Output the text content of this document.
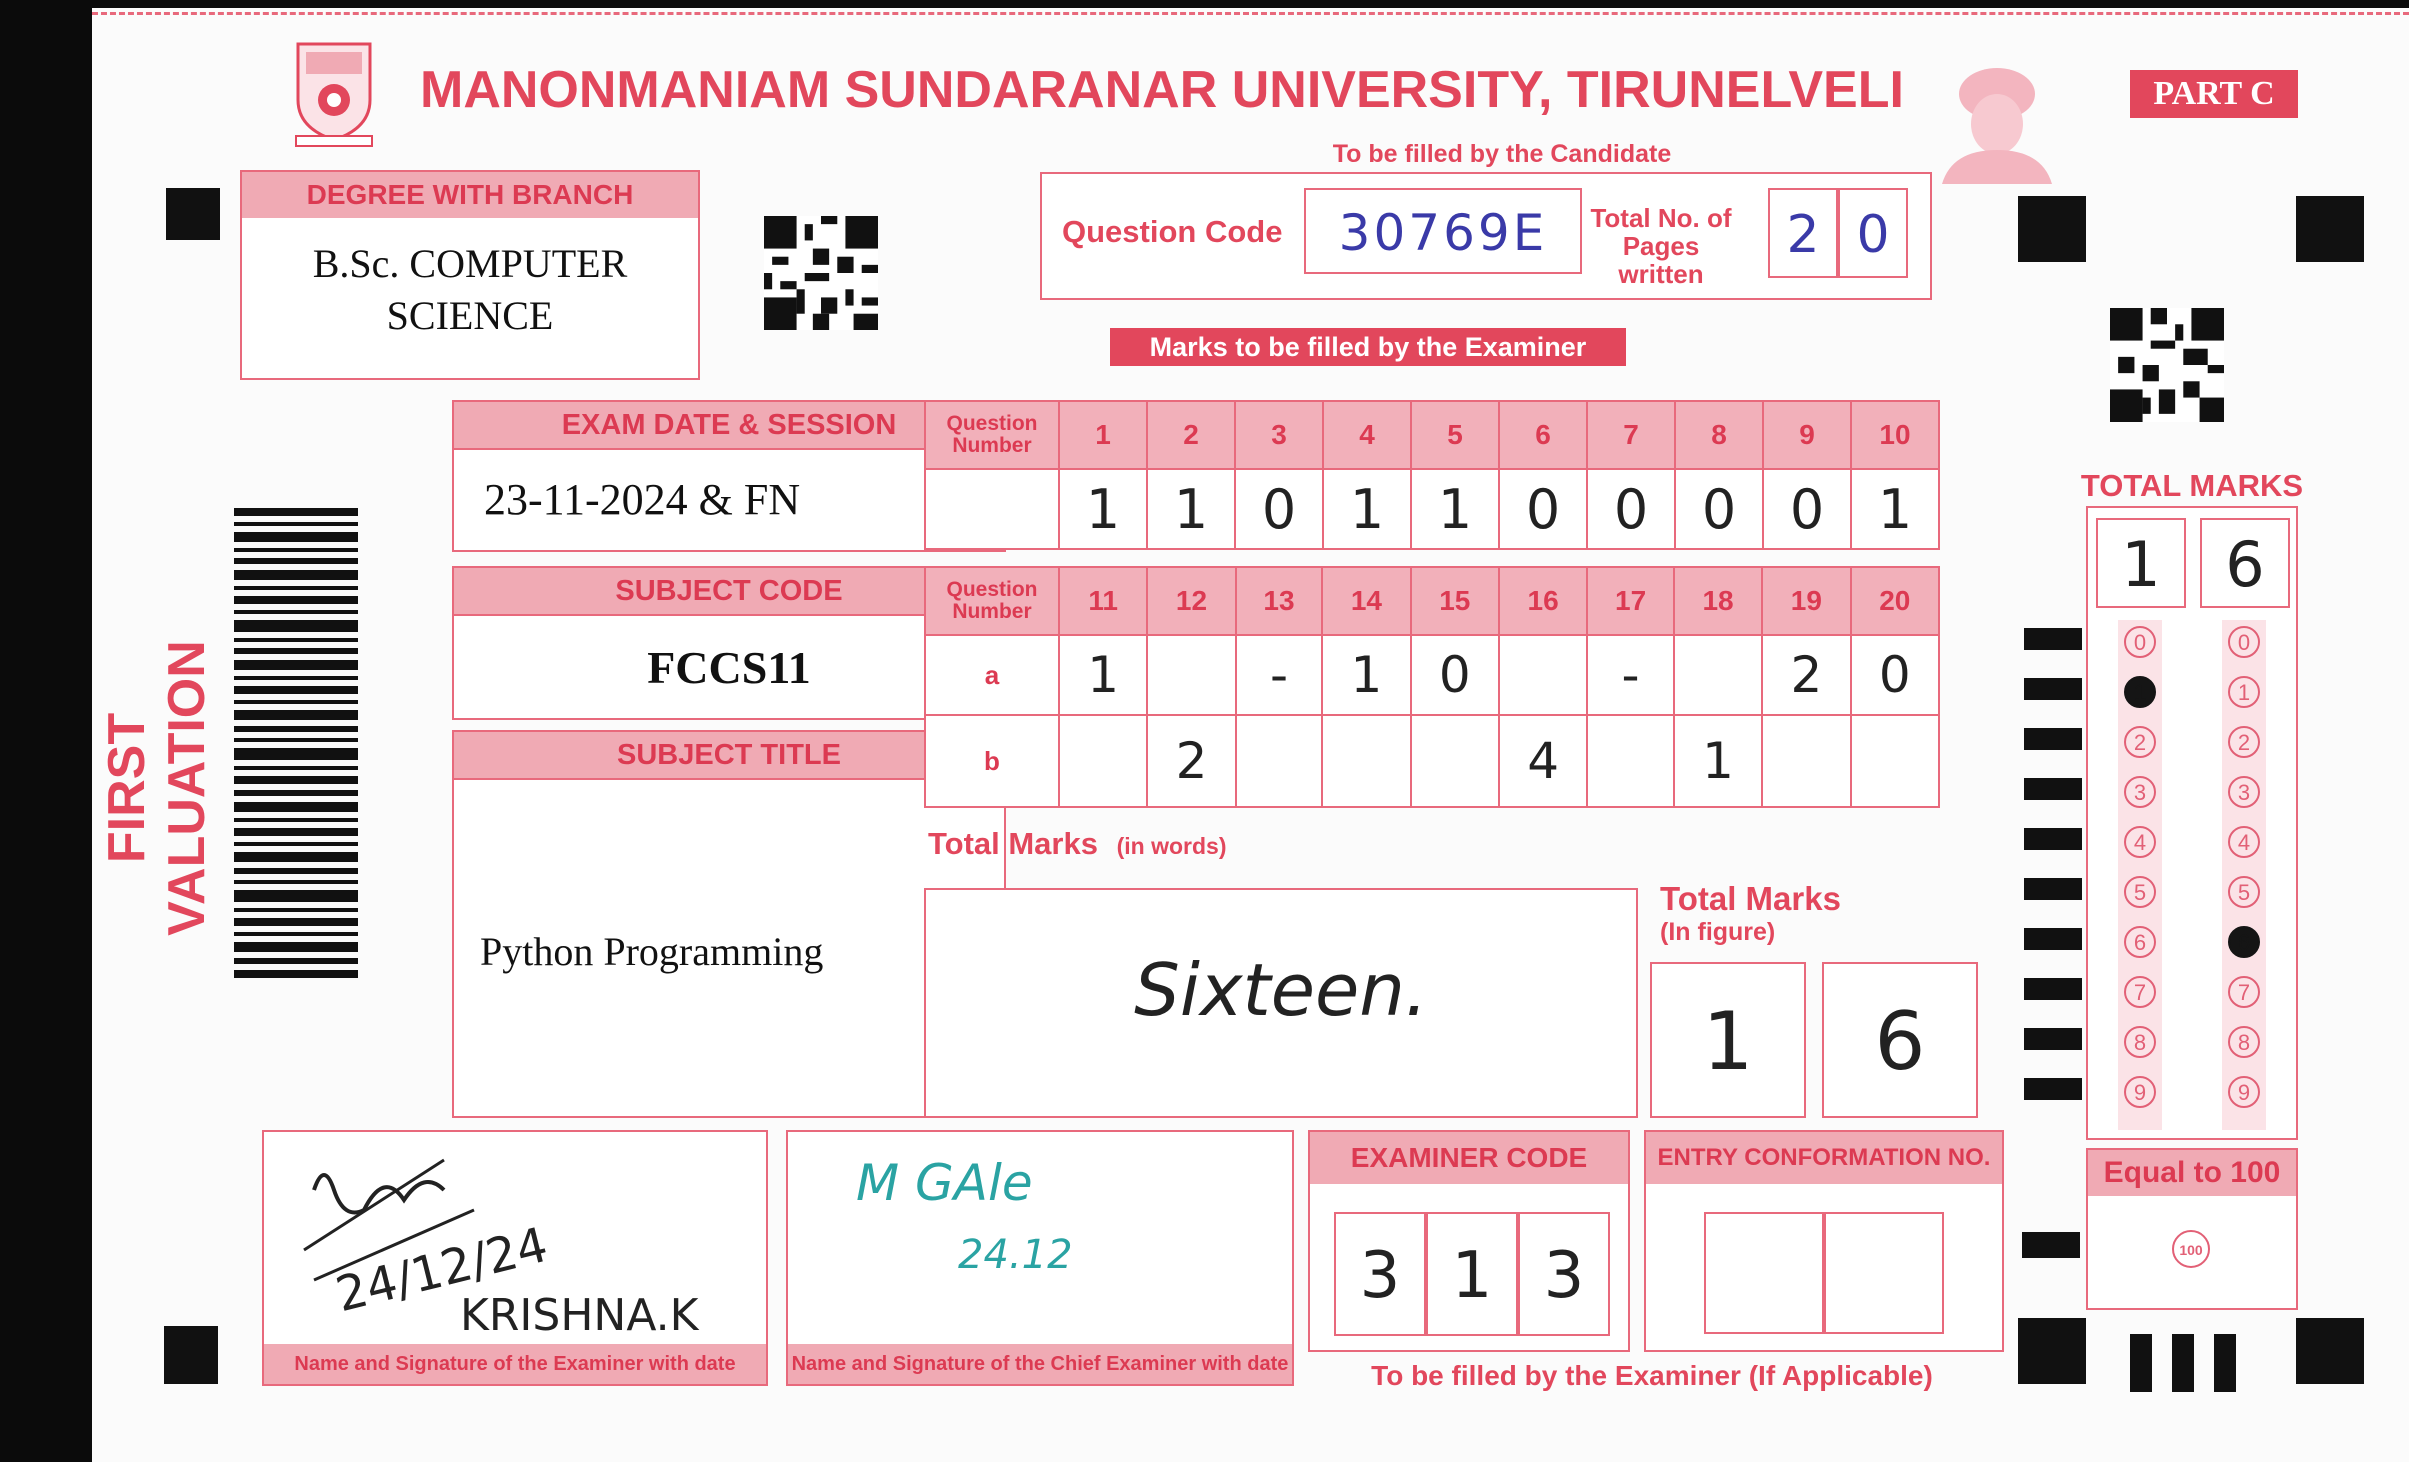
MANONMANIAM SUNDARANAR UNIVERSITY, TIRUNELVELI	PART C
To be filled by the Candidate
DEGREE WITH BRANCH
B.Sc. COMPUTER
SCIENCE
Question Code	30769E	Total No. of
Pages written
2 0
Marks to be filled by the Examiner
FIRST VALUATION
EXAM DATE & SESSION
23-11-2024 & FN
SUBJECT CODE
FCCS11
SUBJECT TITLE
Python Programming
Question
Number	1	2	3	4	5	6	7	8	9	10
	1	1	0	1	1	0	0	0	0	1
Question
Number	11	12	13	14	15	16	17	18	19	20
a	1		-	1	0		-		2	0
b		2				4		1		
Total Marks (in words)
Sixteen.
Total Marks
(In figure)
1	6
TOTAL MARKS
1	6
0
1
2
3
4
5
6
7
8
9
0
1
2
3
4
5
6
7
8
9
Equal to 100
100
24/12/24
KRISHNA.K
Name and Signature of the Examiner with date
M GAle
24.12
Name and Signature of the Chief Examiner with date
EXAMINER CODE
3 1 3
ENTRY CONFORMATION NO.
To be filled by the Examiner (If Applicable)
